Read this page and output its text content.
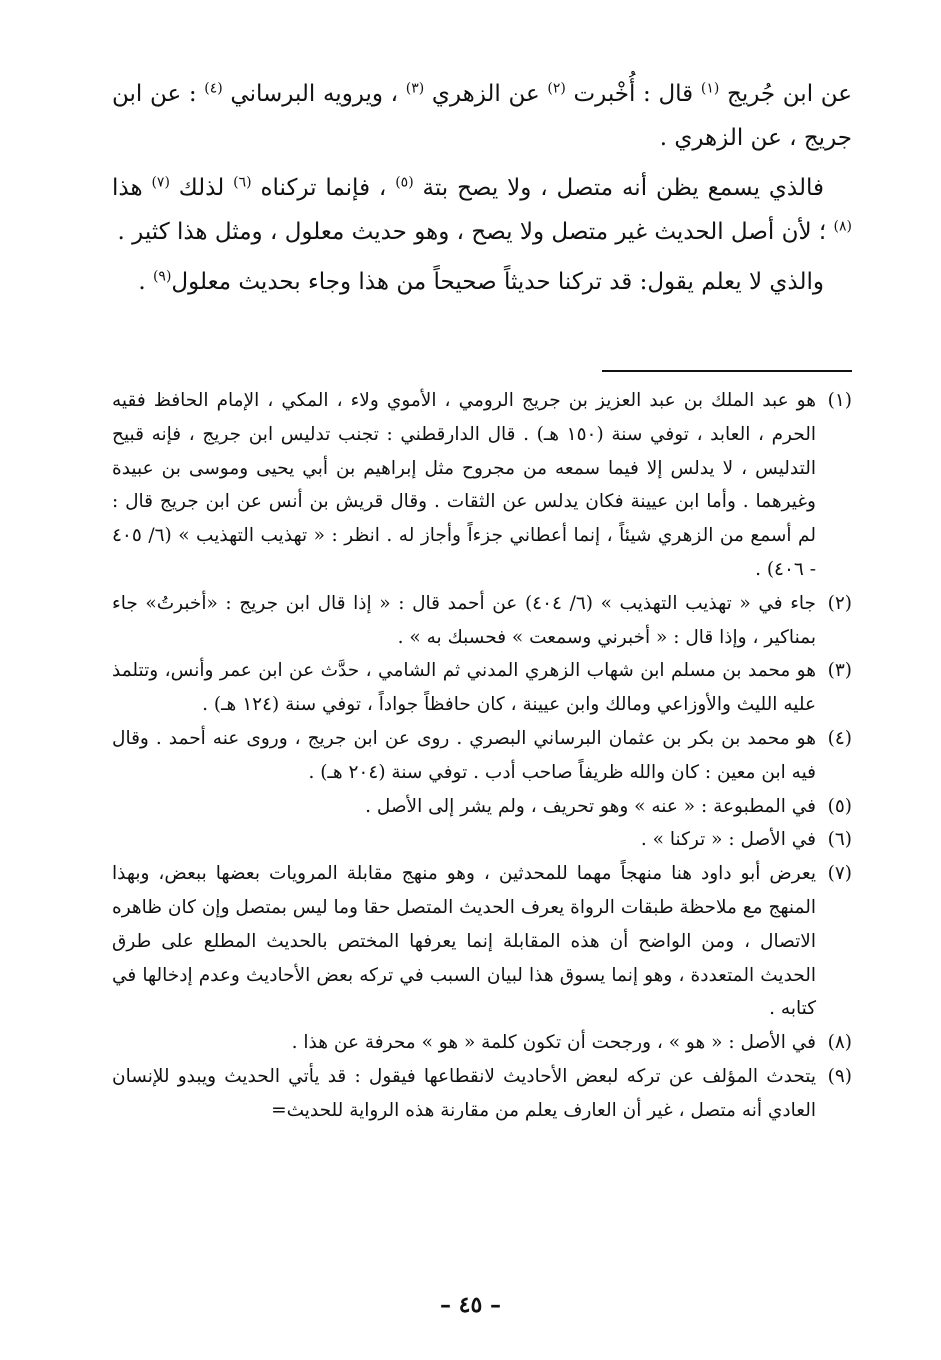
عن ابن جُريج $^{(١)}$ قال : أُخْبرت $^{(٢)}$ عن الزهري $^{(٣)}$ ، ويرويه البرساني $^{(٤)}$ : عن ابن جريج ، عن الزهري .

فالذي يسمع يظن أنه متصل ، ولا يصح بتة $^{(٥)}$ ، فإنما تركناه $^{(٦)}$ لذلك $^{(٧)}$ هذا $^{(٨)}$ ؛ لأن أصل الحديث غير متصل ولا يصح ، وهو حديث معلول ، ومثل هذا كثير .

والذي لا يعلم يقول: قد تركنا حديثاً صحيحاً من هذا وجاء بحديث معلول$^{(٩)}$ .

(١)
هو عبد الملك بن عبد العزيز بن جريج الرومي ، الأموي ولاء ، المكي ، الإمام الحافظ فقيه الحرم ، العابد ، توفي سنة (١٥٠ هـ) . قال الدارقطني : تجنب تدليس ابن جريج ، فإنه قبيح التدليس ، لا يدلس إلا فيما سمعه من مجروح مثل إبراهيم بن أبي يحيى وموسى بن عبيدة وغيرهما . وأما ابن عيينة فكان يدلس عن الثقات . وقال قريش بن أنس عن ابن جريج قال : لم أسمع من الزهري شيئاً ، إنما أعطاني جزءاً وأجاز له . انظر : « تهذيب التهذيب » (٦/ ٤٠٥ - ٤٠٦) .
(٢)
جاء في « تهذيب التهذيب » (٦/ ٤٠٤) عن أحمد قال : « إذا قال ابن جريج : «أخبرتُ» جاء بمناكير ، وإذا قال : « أخبرني وسمعت » فحسبك به » .
(٣)
هو محمد بن مسلم ابن شهاب الزهري المدني ثم الشامي ، حدَّث عن ابن عمر وأنس، وتتلمذ عليه الليث والأوزاعي ومالك وابن عيينة ، كان حافظاً جواداً ، توفي سنة (١٢٤ هـ) .
(٤)
هو محمد بن بكر بن عثمان البرساني البصري . روى عن ابن جريج ، وروى عنه أحمد . وقال فيه ابن معين : كان والله ظريفاً صاحب أدب . توفي سنة (٢٠٤ هـ) .
(٥)
في المطبوعة : « عنه » وهو تحريف ، ولم يشر إلى الأصل .
(٦)
في الأصل : « تركنا » .
(٧)
يعرض أبو داود هنا منهجاً مهما للمحدثين ، وهو منهج مقابلة المرويات بعضها ببعض، وبهذا المنهج مع ملاحظة طبقات الرواة يعرف الحديث المتصل حقا وما ليس بمتصل وإن كان ظاهره الاتصال ، ومن الواضح أن هذه المقابلة إنما يعرفها المختص بالحديث المطلع على طرق الحديث المتعددة ، وهو إنما يسوق هذا لبيان السبب في تركه بعض الأحاديث وعدم إدخالها في كتابه .
(٨)
في الأصل : « هو » ، ورجحت أن تكون كلمة « هو » محرفة عن هذا .
(٩)
يتحدث المؤلف عن تركه لبعض الأحاديث لانقطاعها فيقول : قد يأتي الحديث ويبدو للإنسان العادي أنه متصل ، غير أن العارف يعلم من مقارنة هذه الرواية للحديث=
– ٤٥ –
